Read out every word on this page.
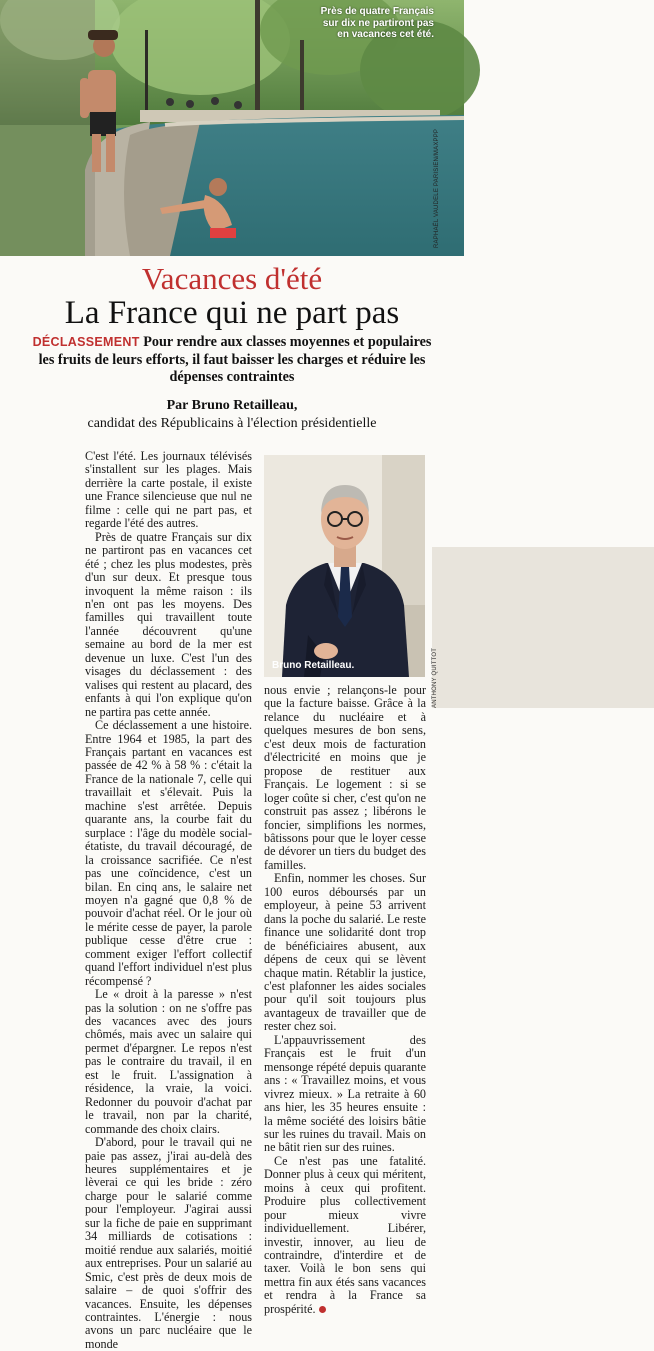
Près de quatre Français sur dix ne partiront pas en vacances cet été.
RAPHAËL VAUDELE PARISIEN/MAXPPP
Vacances d'été
La France qui ne part pas
DÉCLASSEMENT Pour rendre aux classes moyennes et populaires les fruits de leurs efforts, il faut baisser les charges et réduire les dépenses contraintes
Par Bruno Retailleau,
candidat des Républicains à l'élection présidentielle
Bruno Retailleau.	ANTHONY QUITTOT

C'est l'été. Les journaux télévisés s'installent sur les plages. Mais derrière la carte postale, il existe une France silencieuse que nul ne filme : celle qui ne part pas, et regarde l'été des autres.

Près de quatre Français sur dix ne partiront pas en vacances cet été ; chez les plus modestes, près d'un sur deux. Et presque tous invoquent la même raison : ils n'en ont pas les moyens. Des familles qui travaillent toute l'année découvrent qu'une semaine au bord de la mer est devenue un luxe. C'est l'un des visages du déclassement : des valises qui restent au placard, des enfants à qui l'on explique qu'on ne partira pas cette année.

Ce déclassement a une histoire. Entre 1964 et 1985, la part des Français partant en vacances est passée de 42 % à 58 % : c'était la France de la nationale 7, celle qui travaillait et s'élevait. Puis la machine s'est arrêtée. Depuis quarante ans, la courbe fait du surplace : l'âge du modèle social-étatiste, du travail découragé, de la croissance sacrifiée. Ce n'est pas une coïncidence, c'est un bilan. En cinq ans, le salaire net moyen n'a gagné que 0,8 % de pouvoir d'achat réel. Or le jour où le mérite cesse de payer, la parole publique cesse d'être crue : comment exiger l'effort collectif quand l'effort individuel n'est plus récompensé ?

Le « droit à la paresse » n'est pas la solution : on ne s'offre pas des vacances avec des jours chômés, mais avec un salaire qui permet d'épargner. Le repos n'est pas le contraire du travail, il en est le fruit. L'assignation à résidence, la vraie, la voici. Redonner du pouvoir d'achat par le travail, non par la charité, commande des choix clairs.

D'abord, pour le travail qui ne paie pas assez, j'irai au-delà des heures supplémentaires et je lèverai ce qui les bride : zéro charge pour le salarié comme pour l'employeur. J'agirai aussi sur la fiche de paie en supprimant 34 milliards de cotisations : moitié rendue aux salariés, moitié aux entreprises. Pour un salarié au Smic, c'est près de deux mois de salaire – de quoi s'offrir des vacances. Ensuite, les dépenses contraintes. L'énergie : nous avons un parc nucléaire que le monde

nous envie ; relançons-le pour que la facture baisse. Grâce à la relance du nucléaire et à quelques mesures de bon sens, c'est deux mois de facturation d'électricité en moins que je propose de restituer aux Français. Le logement : si se loger coûte si cher, c'est qu'on ne construit pas assez ; libérons le foncier, simplifions les normes, bâtissons pour que le loyer cesse de dévorer un tiers du budget des familles.

Enfin, nommer les choses. Sur 100 euros déboursés par un employeur, à peine 53 arrivent dans la poche du salarié. Le reste finance une solidarité dont trop de bénéficiaires abusent, aux dépens de ceux qui se lèvent chaque matin. Rétablir la justice, c'est plafonner les aides sociales pour qu'il soit toujours plus avantageux de travailler que de rester chez soi.

L'appauvrissement des Français est le fruit d'un mensonge répété depuis quarante ans : « Travaillez moins, et vous vivrez mieux. » La retraite à 60 ans hier, les 35 heures ensuite : la même société des loisirs bâtie sur les ruines du travail. Mais on ne bâtit rien sur des ruines.

Ce n'est pas une fatalité. Donner plus à ceux qui méritent, moins à ceux qui profitent. Produire plus collectivement pour mieux vivre individuellement. Libérer, investir, innover, au lieu de contraindre, d'interdire et de taxer. Voilà le bon sens qui mettra fin aux étés sans vacances et rendra à la France sa prospérité.
